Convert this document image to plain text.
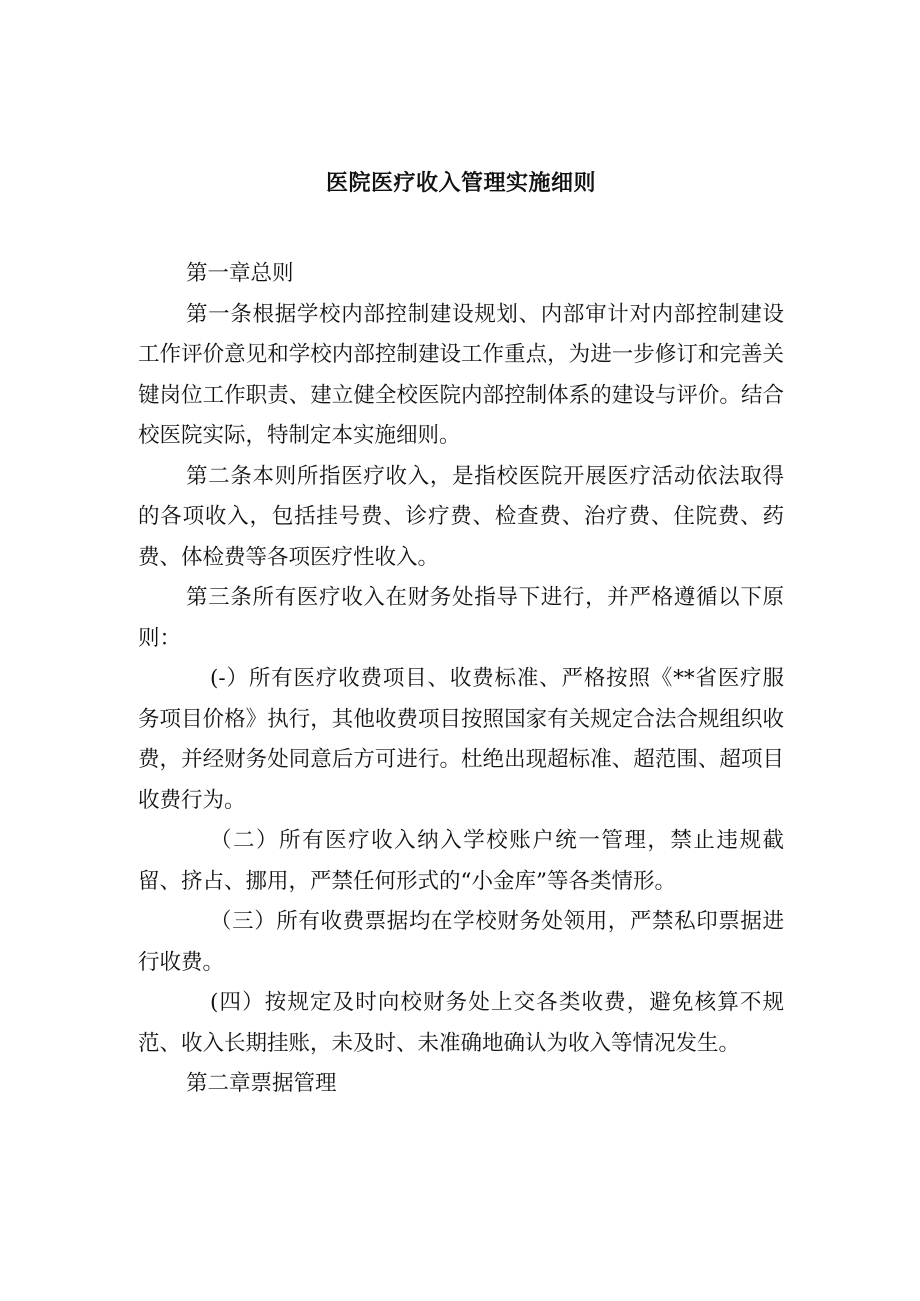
医院医疗收入管理实施细则

第一章总则

第一条根据学校内部控制建设规划、内部审计对内部控制建设工作评价意见和学校内部控制建设工作重点，为进一步修订和完善关键岗位工作职责、建立健全校医院内部控制体系的建设与评价。结合校医院实际，特制定本实施细则。

第二条本则所指医疗收入，是指校医院开展医疗活动依法取得的各项收入，包括挂号费、诊疗费、检查费、治疗费、住院费、药费、体检费等各项医疗性收入。

第三条所有医疗收入在财务处指导下进行，并严格遵循以下原则：

(-）所有医疗收费项目、收费标准、严格按照《**省医疗服务项目价格》执行，其他收费项目按照国家有关规定合法合规组织收费，并经财务处同意后方可进行。杜绝出现超标准、超范围、超项目收费行为。

（二）所有医疗收入纳入学校账户统一管理，禁止违规截留、挤占、挪用，严禁任何形式的“小金库”等各类情形。

（三）所有收费票据均在学校财务处领用，严禁私印票据进行收费。

(四）按规定及时向校财务处上交各类收费，避免核算不规范、收入长期挂账，未及时、未准确地确认为收入等情况发生。

第二章票据管理
